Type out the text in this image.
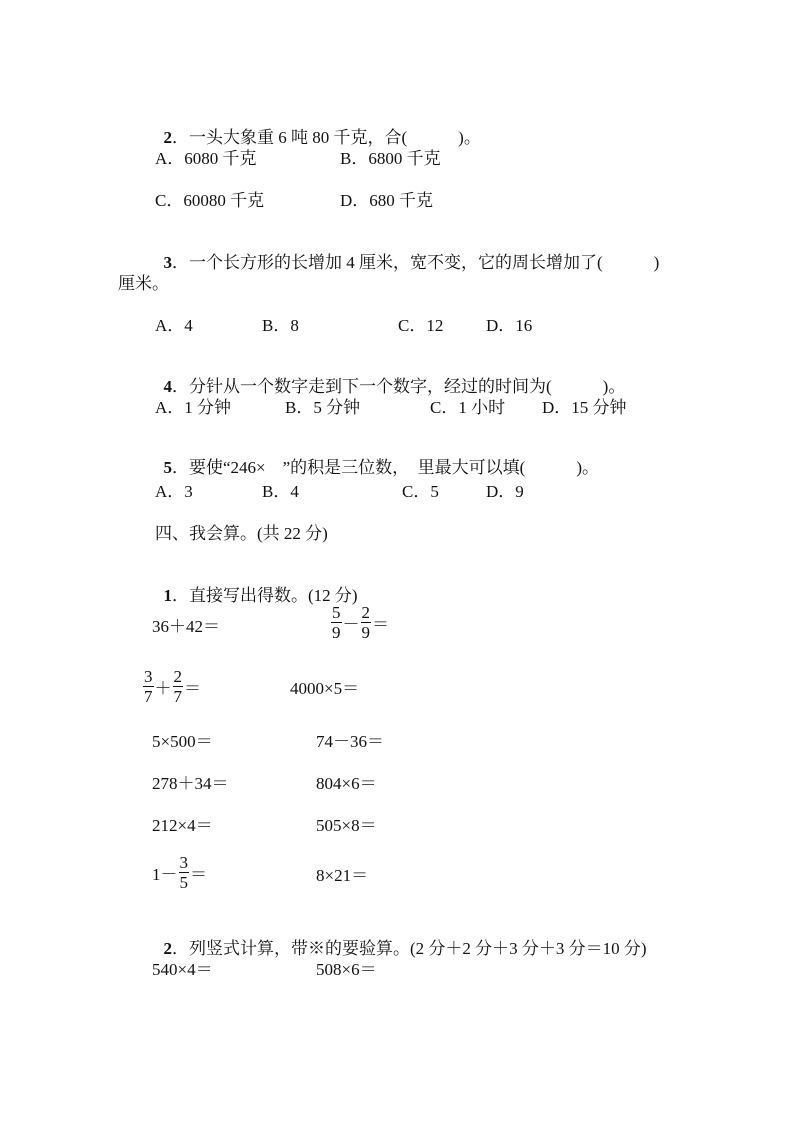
2．一头大象重 6 吨 80 千克，合(　　　)。

A．6080 千克	B．6800 千克
C．60080 千克	D．680 千克

3．一个长方形的长增加 4 厘米，宽不变，它的周长增加了(　　　)

厘米。
A．4	B．8	C．12	D．16

4．分针从一个数字走到下一个数字，经过的时间为(　　　)。

A．1 分钟	B．5 分钟	C．1 小时 D．15 分钟

5．要使“246×　”的积是三位数，　里最大可以填(　　　)。

A．3	B．4	C．5	D．9
四、我会算。(共 22 分)

1．直接写出得数。(12 分)

36＋42＝	$\frac{5}{9} - \frac{2}{9}$ ＝
$\frac{3}{7} + \frac{2}{7}$ ＝	4000×5＝
5×500＝	74－36＝
278＋34＝	804×6＝
212×4＝	505×8＝
$1- \frac{3}{5}$ ＝	8×21＝

2．列竖式计算，带※的要验算。(2 分＋2 分＋3 分＋3 分＝10 分)

540×4＝	508×6＝
